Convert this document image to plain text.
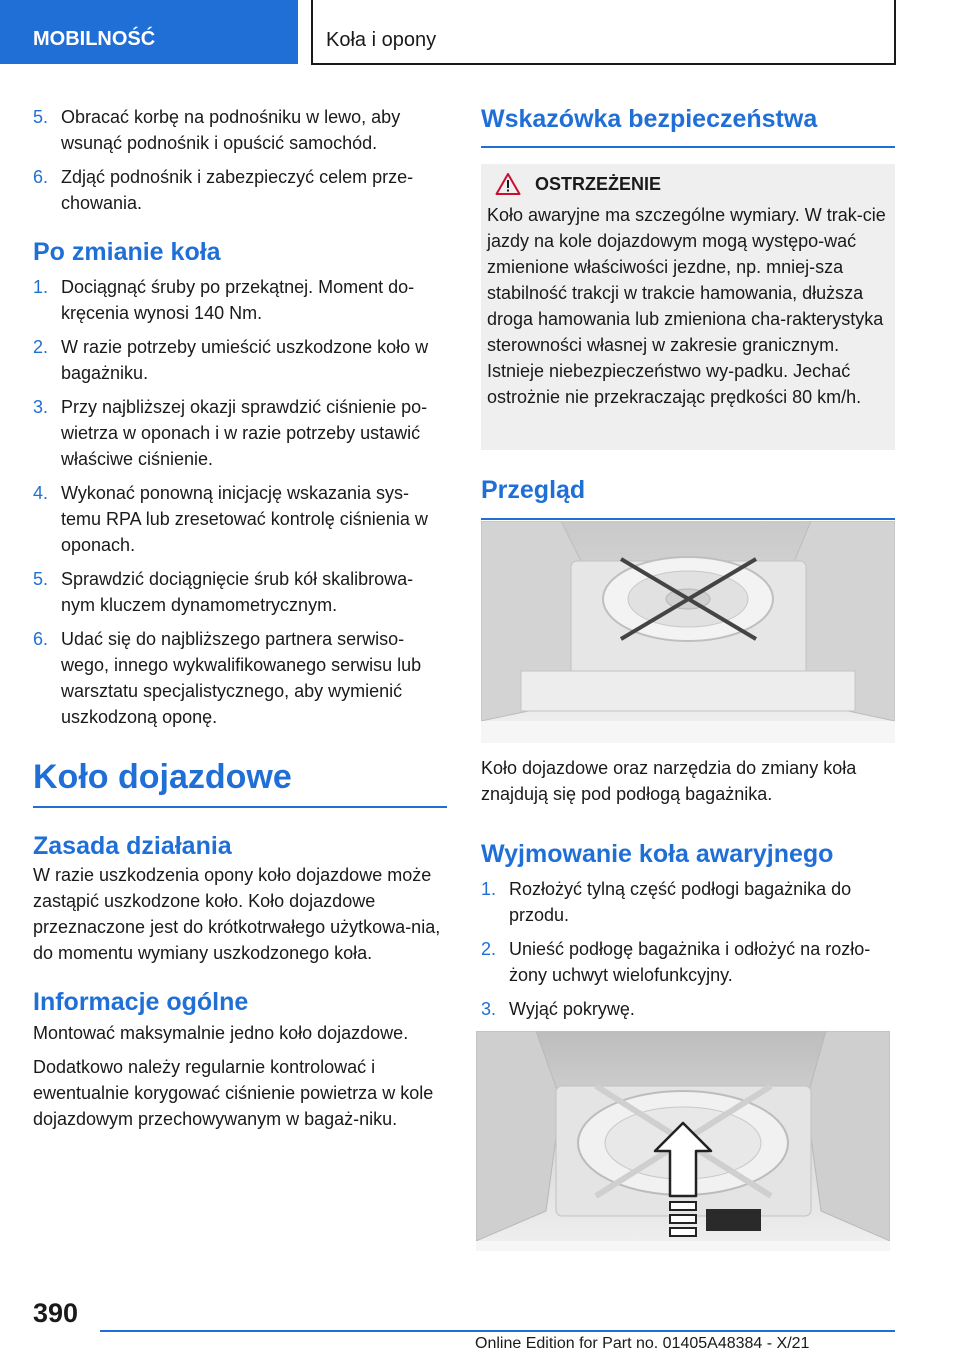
MOBILNOŚĆ	Koła i opony
5. Obracać korbę na podnośniku w lewo, aby wsunąć podnośnik i opuścić samochód.
6. Zdjąć podnośnik i zabezpieczyć celem prze-chowania.
Po zmianie koła
1. Dociągnąć śruby po przekątnej. Moment do-kręcenia wynosi 140 Nm.
2. W razie potrzeby umieścić uszkodzone koło w bagażniku.
3. Przy najbliższej okazji sprawdzić ciśnienie po-wietrza w oponach i w razie potrzeby ustawić właściwe ciśnienie.
4. Wykonać ponowną inicjację wskazania sys-temu RPA lub zresetować kontrolę ciśnienia w oponach.
5. Sprawdzić dociągnięcie śrub kół skalibrowa-nym kluczem dynamometrycznym.
6. Udać się do najbliższego partnera serwiso-wego, innego wykwalifikowanego serwisu lub warsztatu specjalistycznego, aby wymienić uszkodzoną oponę.
Koło dojazdowe
Zasada działania

W razie uszkodzenia opony koło dojazdowe może zastąpić uszkodzone koło. Koło dojazdowe przeznaczone jest do krótkotrwałego użytkowa-nia, do momentu wymiany uszkodzonego koła.

Informacje ogólne

Montować maksymalnie jedno koło dojazdowe.

Dodatkowo należy regularnie kontrolować i ewentualnie korygować ciśnienie powietrza w kole dojazdowym przechowywanym w bagaż-niku.

Wskazówka bezpieczeństwa
OSTRZEŻENIE

Koło awaryjne ma szczególne wymiary. W trak-cie jazdy na kole dojazdowym mogą występo-wać zmienione właściwości jezdne, np. mniej-sza stabilność trakcji w trakcie hamowania, dłuższa droga hamowania lub zmieniona cha-rakterystyka sterowności własnej w zakresie granicznym. Istnieje niebezpieczeństwo wy-padku. Jechać ostrożnie nie przekraczając prędkości 80 km/h.

Przegląd

Koło dojazdowe oraz narzędzia do zmiany koła znajdują się pod podłogą bagażnika.

Wyjmowanie koła awaryjnego
1. Rozłożyć tylną część podłogi bagażnika do przodu.
2. Unieść podłogę bagażnika i odłożyć na rozło-żony uchwyt wielofunkcyjny.
3. Wyjąć pokrywę.
390
Online Edition for Part no. 01405A48384 - X/21
